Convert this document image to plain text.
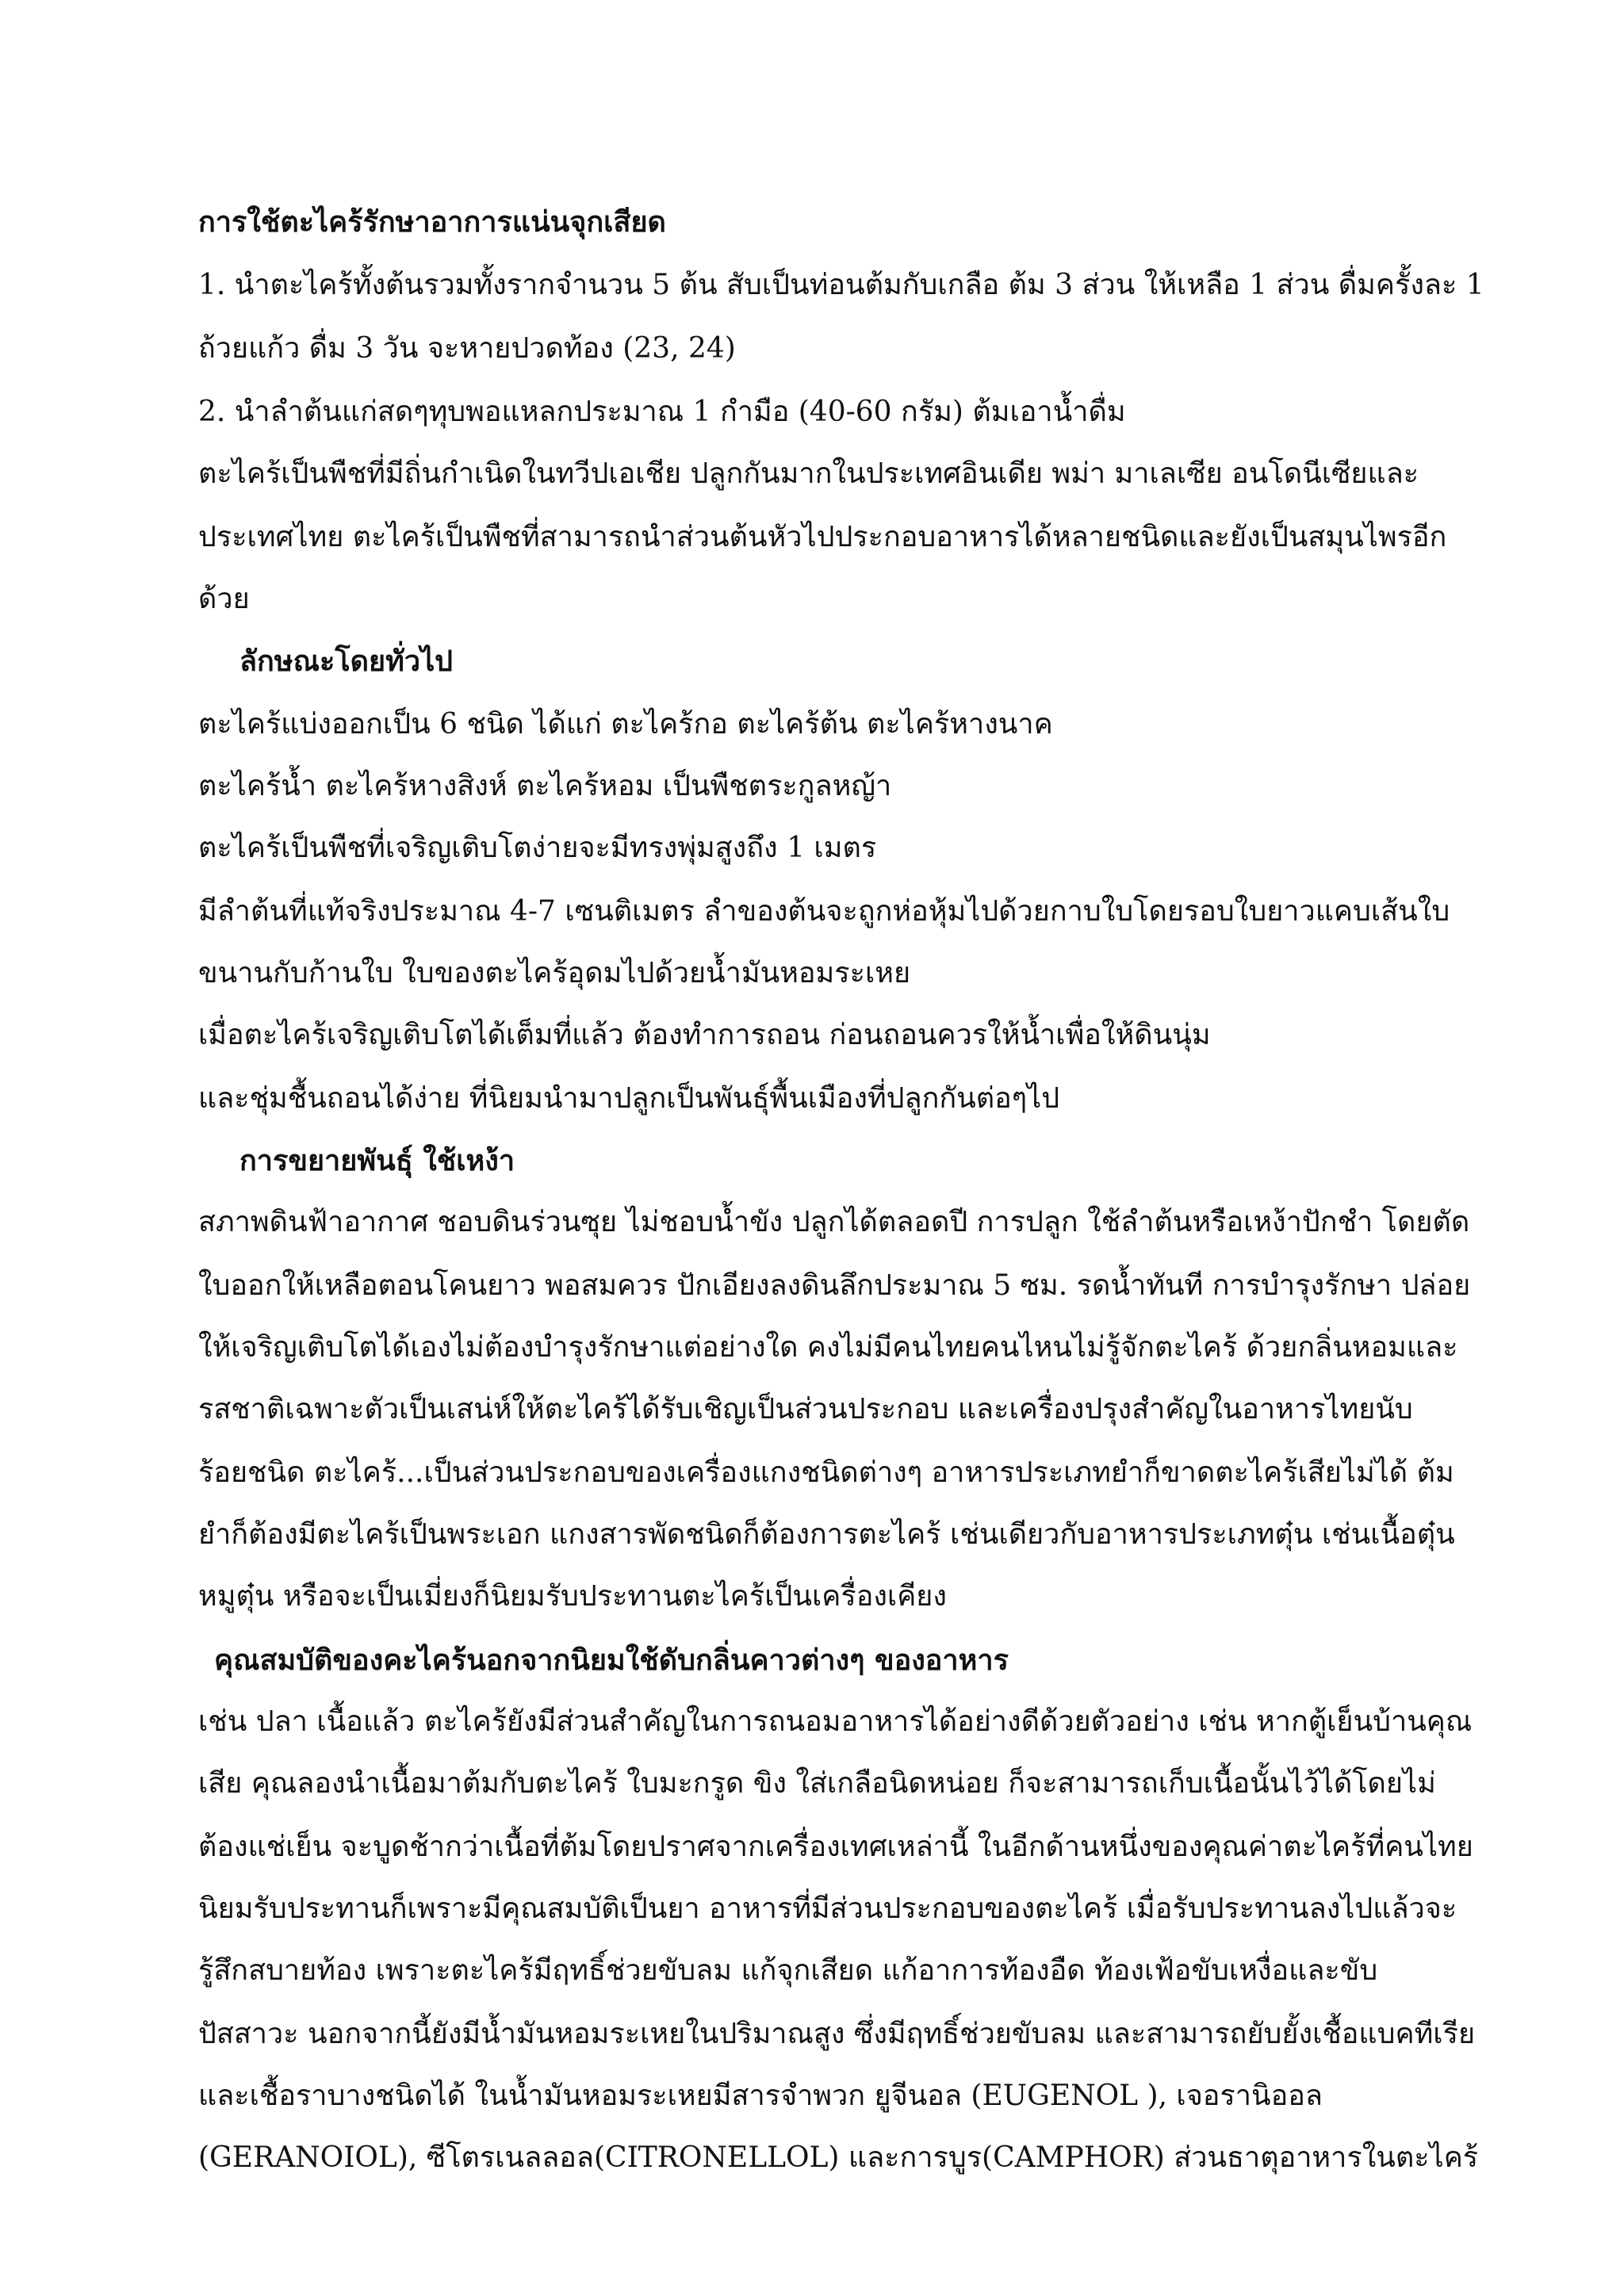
การใช้ตะไคร้รักษาอาการแน่นจุกเสียด
1. นำตะไคร้ทั้งต้นรวมทั้งรากจำนวน 5 ต้น สับเป็นท่อนต้มกับเกลือ ต้ม 3 ส่วน ให้เหลือ 1 ส่วน ดื่มครั้งละ 1
ถ้วยแก้ว ดื่ม 3 วัน จะหายปวดท้อง (23, 24)
2. นำลำต้นแก่สดๆทุบพอแหลกประมาณ 1 กำมือ (40-60 กรัม) ต้มเอาน้ำดื่ม
ตะไคร้เป็นพืชที่มีถิ่นกำเนิดในทวีปเอเชีย ปลูกกันมากในประเทศอินเดีย พม่า มาเลเซีย อนโดนีเซียและ
ประเทศไทย ตะไคร้เป็นพืชที่สามารถนำส่วนต้นหัวไปประกอบอาหารได้หลายชนิดและยังเป็นสมุนไพรอีก
ด้วย
ลักษณะโดยทั่วไป
ตะไคร้แบ่งออกเป็น 6 ชนิด ได้แก่ ตะไคร้กอ ตะไคร้ต้น ตะไคร้หางนาค
ตะไคร้น้ำ ตะไคร้หางสิงห์ ตะไคร้หอม เป็นพืชตระกูลหญ้า
ตะไคร้เป็นพืชที่เจริญเติบโตง่ายจะมีทรงพุ่มสูงถึง 1 เมตร
มีลำต้นที่แท้จริงประมาณ 4-7 เซนติเมตร ลำของต้นจะถูกห่อหุ้มไปด้วยกาบใบโดยรอบใบยาวแคบเส้นใบ
ขนานกับก้านใบ ใบของตะไคร้อุดมไปด้วยน้ำมันหอมระเหย
เมื่อตะไคร้เจริญเติบโตได้เต็มที่แล้ว ต้องทำการถอน ก่อนถอนควรให้น้ำเพื่อให้ดินนุ่ม
และชุ่มชื้นถอนได้ง่าย ที่นิยมนำมาปลูกเป็นพันธุ์พื้นเมืองที่ปลูกกันต่อๆไป
การขยายพันธุ์ ใช้เหง้า
สภาพดินฟ้าอากาศ ชอบดินร่วนซุย ไม่ชอบน้ำขัง ปลูกได้ตลอดปี การปลูก ใช้ลำต้นหรือเหง้าปักชำ โดยตัด
ใบออกให้เหลือตอนโคนยาว พอสมควร ปักเอียงลงดินลึกประมาณ 5 ซม. รดน้ำทันที การบำรุงรักษา ปล่อย
ให้เจริญเติบโตได้เองไม่ต้องบำรุงรักษาแต่อย่างใด คงไม่มีคนไทยคนไหนไม่รู้จักตะไคร้ ด้วยกลิ่นหอมและ
รสชาติเฉพาะตัวเป็นเสน่ห์ให้ตะไคร้ได้รับเชิญเป็นส่วนประกอบ และเครื่องปรุงสำคัญในอาหารไทยนับ
ร้อยชนิด ตะไคร้...เป็นส่วนประกอบของเครื่องแกงชนิดต่างๆ อาหารประเภทยำก็ขาดตะไคร้เสียไม่ได้ ต้ม
ยำก็ต้องมีตะไคร้เป็นพระเอก แกงสารพัดชนิดก็ต้องการตะไคร้ เช่นเดียวกับอาหารประเภทตุ๋น เช่นเนื้อตุ๋น
หมูตุ๋น หรือจะเป็นเมี่ยงก็นิยมรับประทานตะไคร้เป็นเครื่องเคียง
คุณสมบัติของคะไคร้นอกจากนิยมใช้ดับกลิ่นคาวต่างๆ ของอาหาร
เช่น ปลา เนื้อแล้ว ตะไคร้ยังมีส่วนสำคัญในการถนอมอาหารได้อย่างดีด้วยตัวอย่าง เช่น หากตู้เย็นบ้านคุณ
เสีย คุณลองนำเนื้อมาต้มกับตะไคร้ ใบมะกรูด ขิง ใส่เกลือนิดหน่อย ก็จะสามารถเก็บเนื้อนั้นไว้ได้โดยไม่
ต้องแช่เย็น จะบูดช้ากว่าเนื้อที่ต้มโดยปราศจากเครื่องเทศเหล่านี้ ในอีกด้านหนึ่งของคุณค่าตะไคร้ที่คนไทย
นิยมรับประทานก็เพราะมีคุณสมบัติเป็นยา อาหารที่มีส่วนประกอบของตะไคร้ เมื่อรับประทานลงไปแล้วจะ
รู้สึกสบายท้อง เพราะตะไคร้มีฤทธิ์ช่วยขับลม แก้จุกเสียด แก้อาการท้องอืด ท้องเฟ้อขับเหงื่อและขับ
ปัสสาวะ นอกจากนี้ยังมีน้ำมันหอมระเหยในปริมาณสูง ซึ่งมีฤทธิ์ช่วยขับลม และสามารถยับยั้งเชื้อแบคทีเรีย
และเชื้อราบางชนิดได้ ในน้ำมันหอมระเหยมีสารจำพวก ยูจีนอล (EUGENOL ), เจอรานิออล
(GERANOIOL), ซีโตรเนลลอล(CITRONELLOL) และการบูร(CAMPHOR) ส่วนธาตุอาหารในตะไคร้
